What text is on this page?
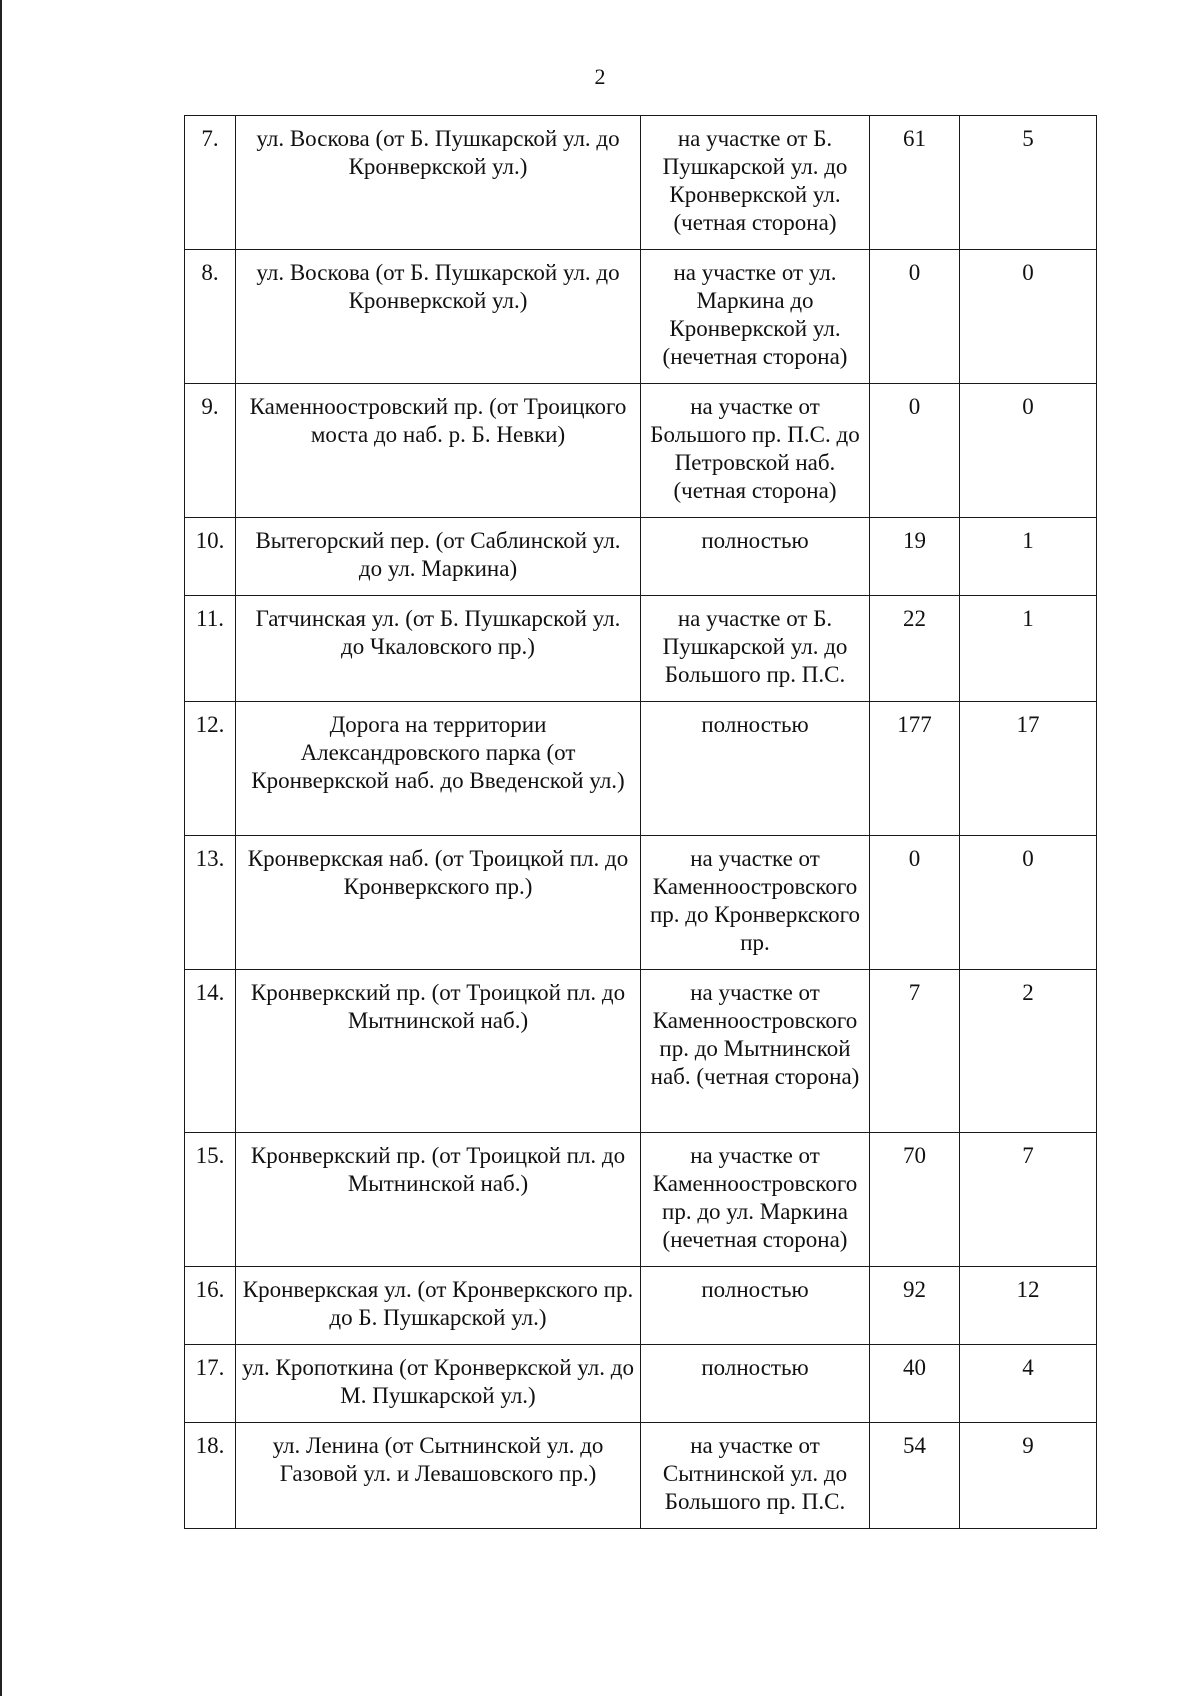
2
7.	ул. Воскова (от Б. Пушкарской ул. до Кронверкской ул.)	на участке от Б. Пушкарской ул. до Кронверкской ул. (четная сторона)	61	5
8.	ул. Воскова (от Б. Пушкарской ул. до Кронверкской ул.)	на участке от ул. Маркина до Кронверкской ул. (нечетная сторона)	0	0
9.	Каменноостровский пр. (от Троицкого моста до наб. р. Б. Невки)	на участке от Большого пр. П.С. до Петровской наб. (четная сторона)	0	0
10.	Вытегорский пер. (от Саблинской ул. до ул. Маркина)	полностью	19	1
11.	Гатчинская ул. (от Б. Пушкарской ул. до Чкаловского пр.)	на участке от Б. Пушкарской ул. до Большого пр. П.С.	22	1
12.	Дорога на территории Александровского парка (от Кронверкской наб. до Введенской ул.)	полностью	177	17
13.	Кронверкская наб. (от Троицкой пл. до Кронверкского пр.)	на участке от Каменноостровского пр. до Кронверкского пр.	0	0
14.	Кронверкский пр. (от Троицкой пл. до Мытнинской наб.)	на участке от Каменноостровского пр. до Мытнинской наб. (четная сторона)	7	2
15.	Кронверкский пр. (от Троицкой пл. до Мытнинской наб.)	на участке от Каменноостровского пр. до ул. Маркина (нечетная сторона)	70	7
16.	Кронверкская ул. (от Кронверкского пр. до Б. Пушкарской ул.)	полностью	92	12
17.	ул. Кропоткина (от Кронверкской ул. до М. Пушкарской ул.)	полностью	40	4
18.	ул. Ленина (от Сытнинской ул. до Газовой ул. и Левашовского пр.)	на участке от Сытнинской ул. до Большого пр. П.С.	54	9
